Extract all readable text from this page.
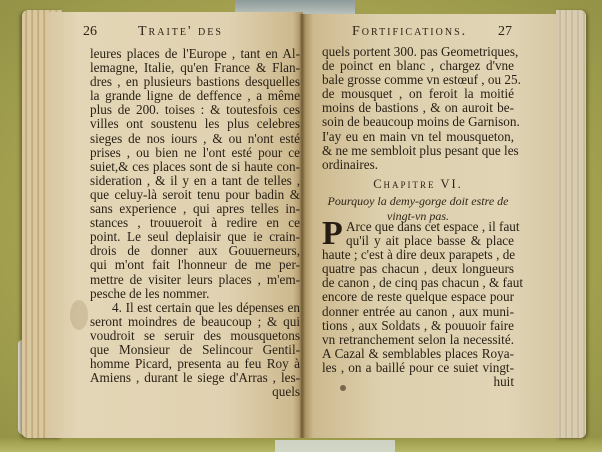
26	Traite' des
leures places de l'Europe , tant en Al-
lemagne, Italie, qu'en France & Flan-
dres , en plusieurs bastions desquelles
la grande ligne de deffence , a même
plus de 200. toises : & toutesfois ces
villes ont soustenu les plus celebres
sieges de nos iours , & ou n'ont esté
prises , ou bien ne l'ont esté pour ce
suiet,& ces places sont de si haute con-
sideration , & il y en a tant de telles ,
que celuy-là seroit tenu pour badin &
sans experience , qui apres telles in-
stances , trouueroit à redire en ce
point. Le seul deplaisir que ie crain-
drois de donner aux Gouuerneurs,
qui m'ont fait l'honneur de me per-
mettre de visiter leurs places , m'em-
pesche de les nommer.
4. Il est certain que les dépenses en
seront moindres de beaucoup ; & qui
voudroit se seruir des mousquetons
que Monsieur de Selincour Gentil-
homme Picard, presenta au feu Roy à
Amiens , durant le siege d'Arras , les-
quels
Fortifications. 27
quels portent 300. pas Geometriques,
de poinct en blanc , chargez d'vne
bale grosse comme vn estœuf , ou 25.
de mousquet , on feroit la moitié
moins de bastions , & on auroit be-
soin de beaucoup moins de Garnison.
I'ay eu en main vn tel mousqueton,
& ne me sembloit plus pesant que les
ordinaires.
Chapitre VI.
Pourquoy la demy-gorge doit estre de
vingt-vn pas.
P Arce que dans cet espace , il faut
qu'il y ait place basse & place
haute ; c'est à dire deux parapets , de
quatre pas chacun , deux longueurs
de canon , de cinq pas chacun , & faut
encore de reste quelque espace pour
donner entrée au canon , aux muni-
tions , aux Soldats , & pouuoir faire
vn retranchement selon la necessité.
A Cazal & semblables places Roya-
les , on a baillé pour ce suiet vingt-
huit
